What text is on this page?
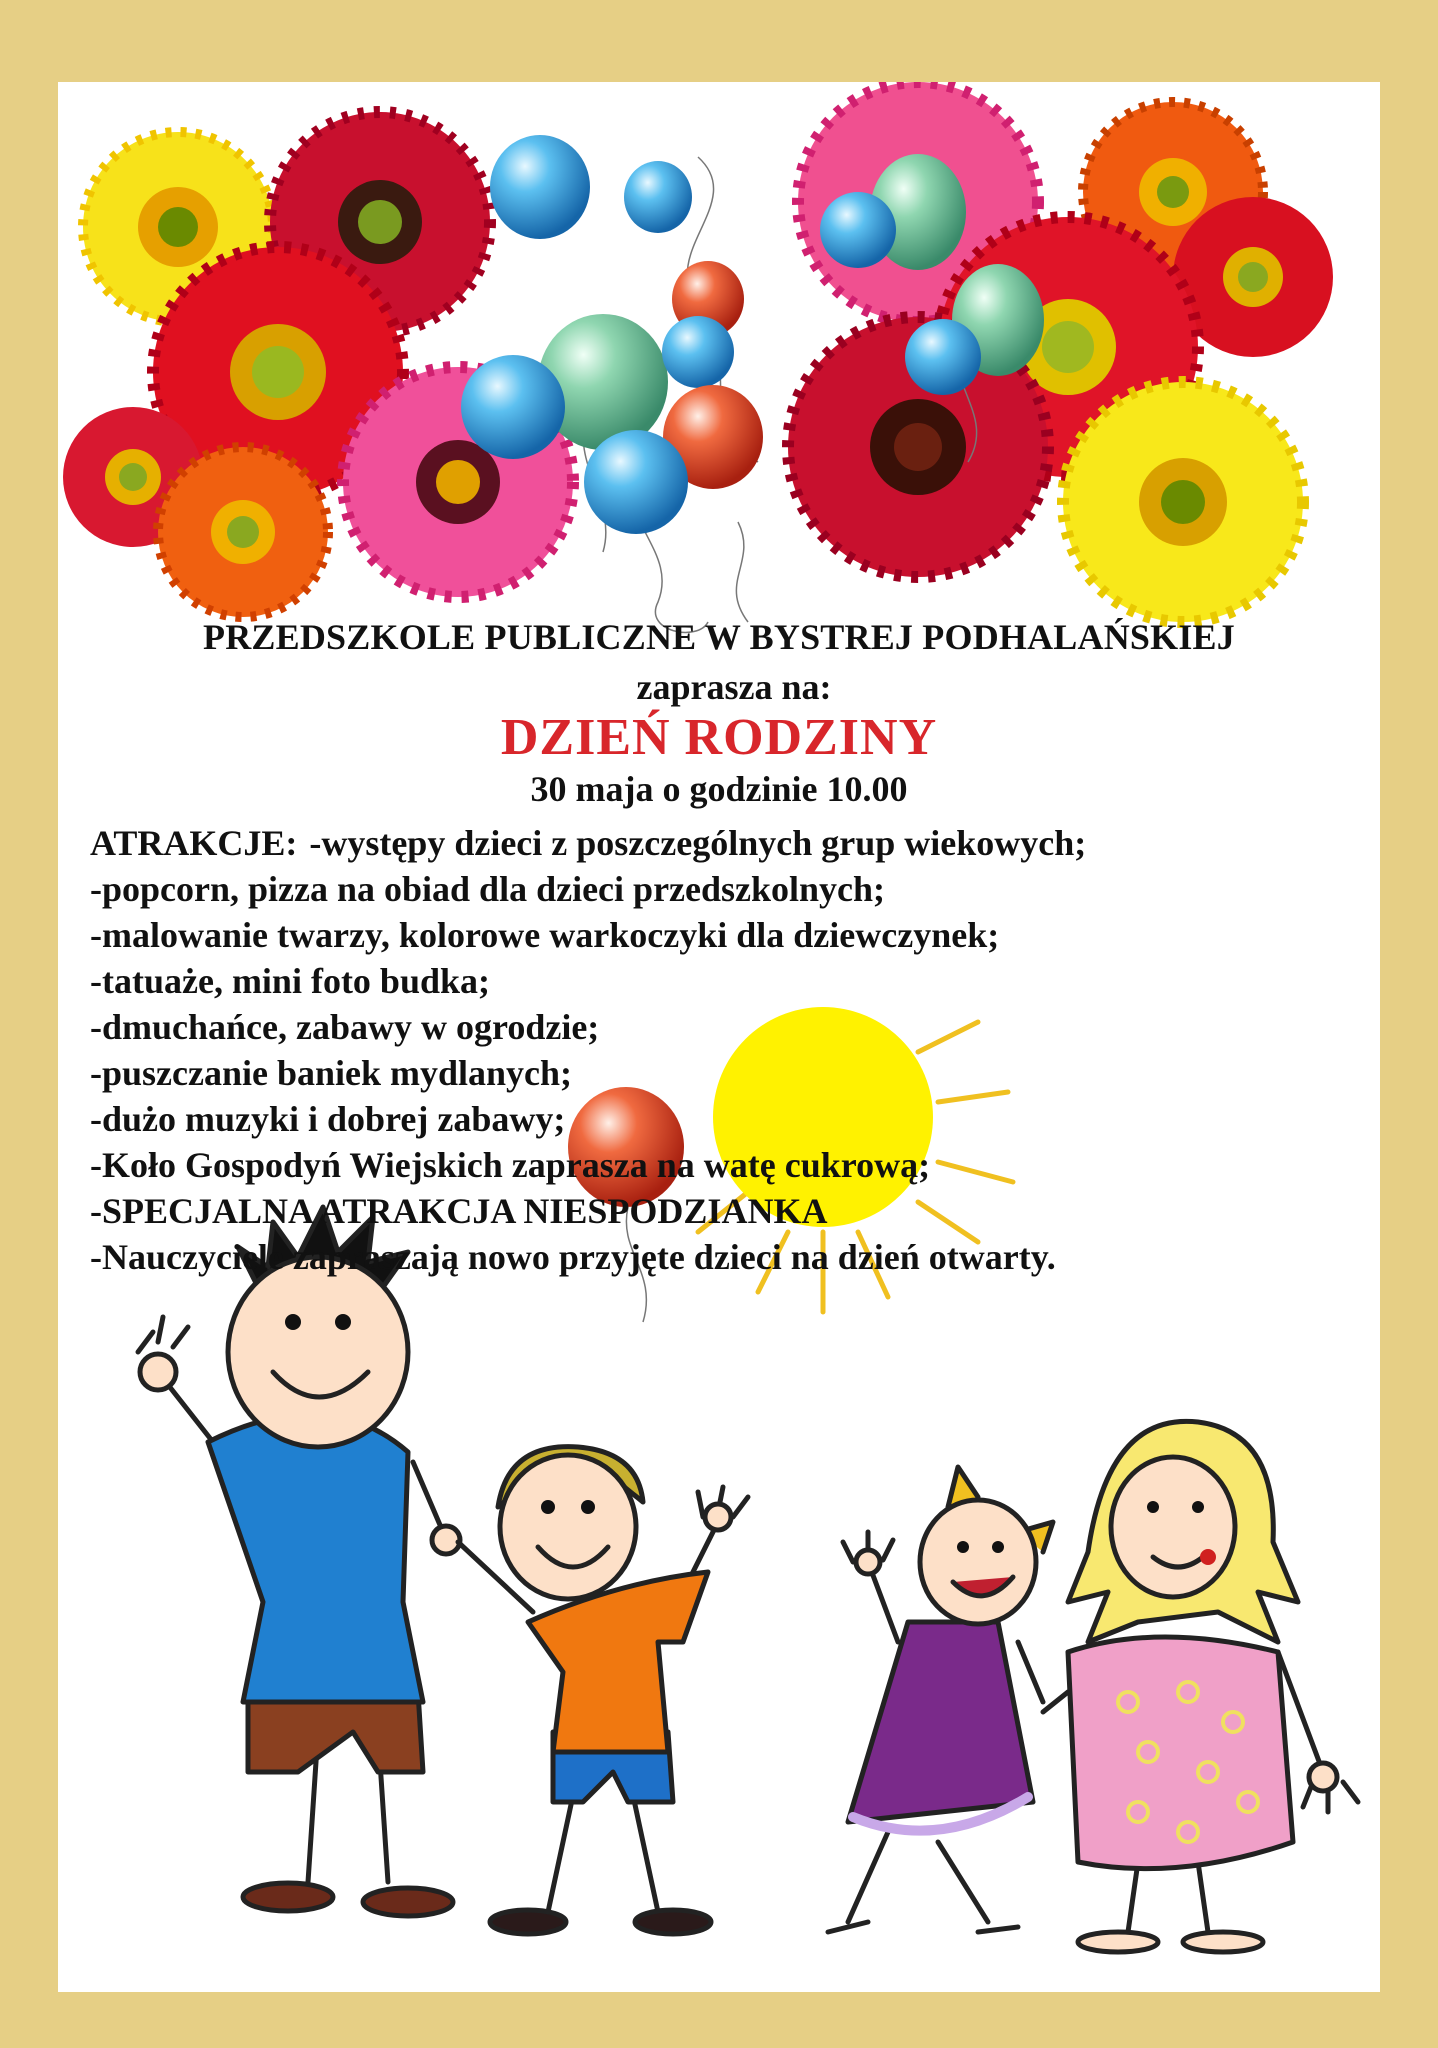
PRZEDSZKOLE PUBLICZNE W BYSTREJ PODHALAŃSKIEJ

zaprasza na:

DZIEŃ RODZINY

30 maja o godzinie 10.00

ATRAKCJE: -występy dzieci z poszczególnych grup wiekowych;

-popcorn, pizza na obiad dla dzieci przedszkolnych;

-malowanie twarzy, kolorowe warkoczyki dla dziewczynek;

-tatuaże, mini foto budka;

-dmuchańce, zabawy w ogrodzie;

-puszczanie baniek mydlanych;

-dużo muzyki i dobrej zabawy;

-Koło Gospodyń Wiejskich zaprasza na watę cukrową;

-SPECJALNA ATRAKCJA NIESPODZIANKA

-Nauczyciele zapraszają nowo przyjęte dzieci na dzień otwarty.
